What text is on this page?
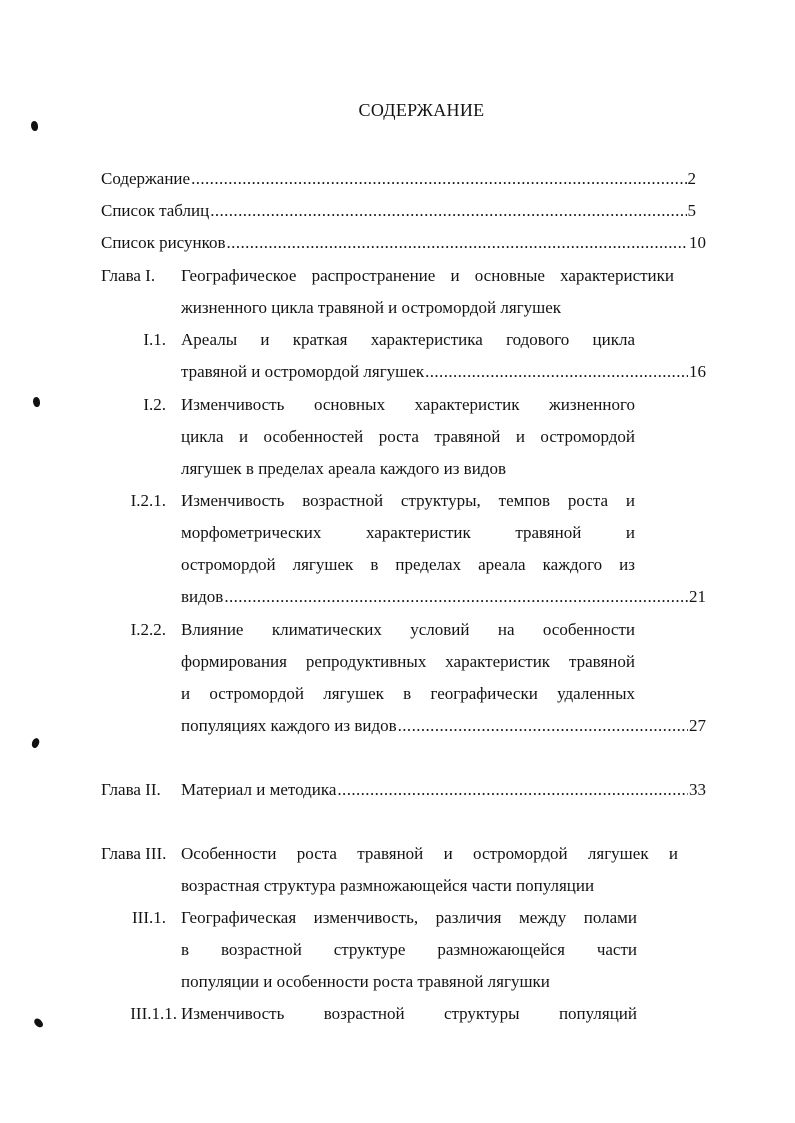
СОДЕРЖАНИЕ
Содержание .....	2
Список таблиц .....	5
Список рисунков .....	10
Глава I. Географическое распространение и основные характеристики
жизненного цикла травяной и остромордой лягушек
I.1. Ареалы и краткая характеристика годового цикла
травяной и остромордой лягушек .....	16
I.2. Изменчивость основных характеристик жизненного
цикла и особенностей роста травяной и остромордой
лягушек в пределах ареала каждого из видов
I.2.1. Изменчивость возрастной структуры, темпов роста и
морфометрических характеристик травяной и
остромордой лягушек в пределах ареала каждого из
видов .....	21
I.2.2. Влияние климатических условий на особенности
формирования репродуктивных характеристик травяной
и остромордой лягушек в географически удаленных
популяциях каждого из видов .....	27
Глава II. Материал и методика .....	33
Глава III. Особенности роста травяной и остромордой лягушек и
возрастная структура размножающейся части популяции
III.1. Географическая изменчивость, различия между полами
в возрастной структуре размножающейся части
популяции и особенности роста травяной лягушки
III.1.1. Изменчивость возрастной структуры популяций
